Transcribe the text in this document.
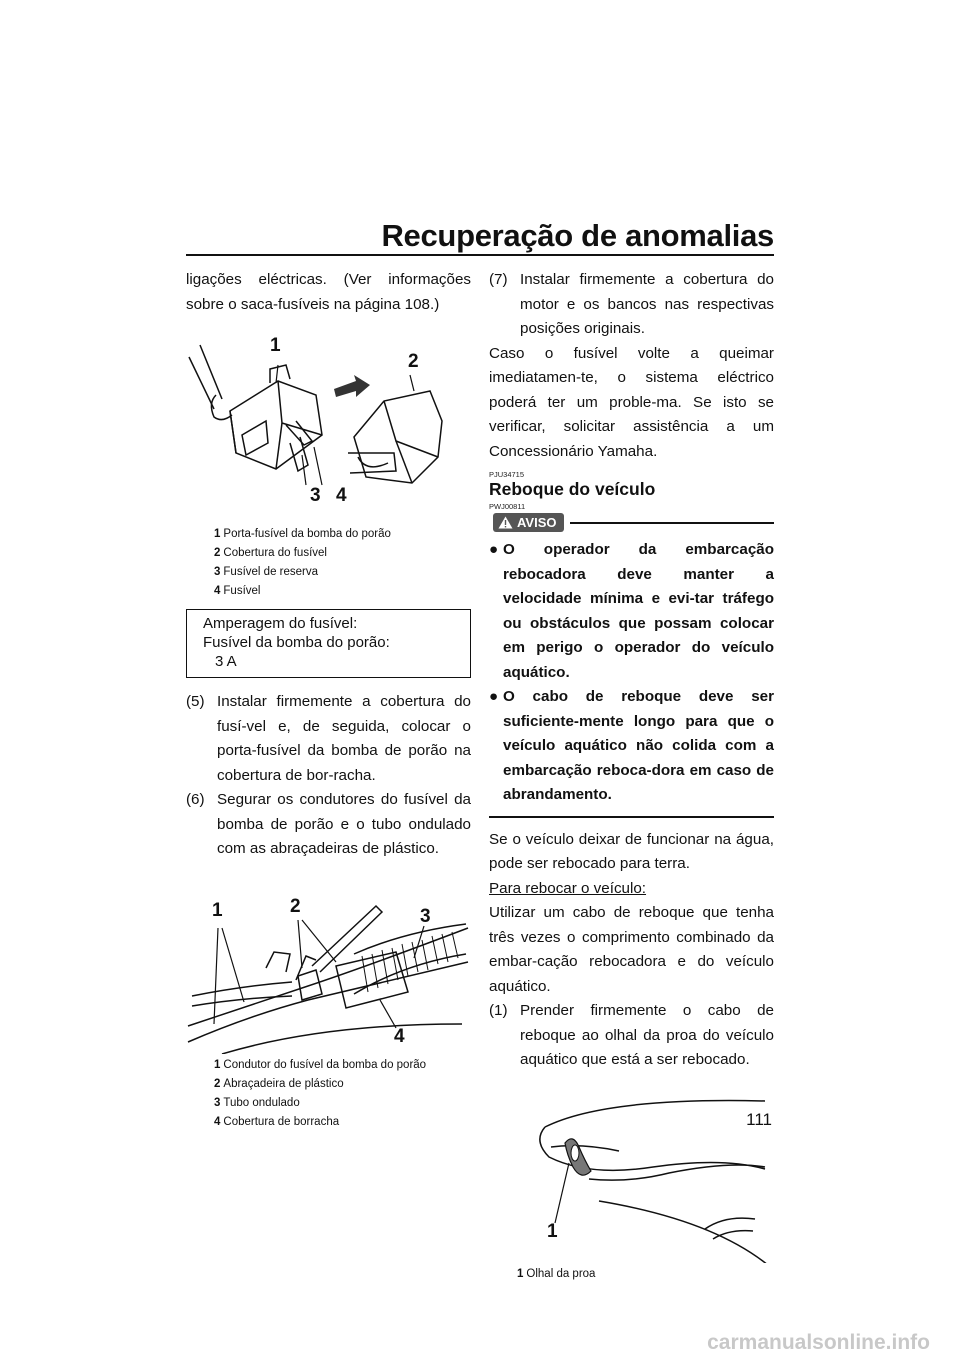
Recuperação de anomalias

ligações eléctricas. (Ver informações sobre o saca-fusíveis na página 108.)

1
2
3 4
1 Porta-fusível da bomba do porão
2 Cobertura do fusível
3 Fusível de reserva
4 Fusível
Amperagem do fusível:
Fusível da bomba do porão:
3 A
(5) Instalar firmemente a cobertura do fusí-vel e, de seguida, colocar o porta-fusível da bomba de porão na cobertura de bor-racha.
(6) Segurar os condutores do fusível da bomba de porão e o tubo ondulado com as abraçadeiras de plástico.
1	2	3
4
1 Condutor do fusível da bomba do porão
2 Abraçadeira de plástico
3 Tubo ondulado
4 Cobertura de borracha
(7) Instalar firmemente a cobertura do motor e os bancos nas respectivas posições originais.

Caso o fusível volte a queimar imediatamen-te, o sistema eléctrico poderá ter um proble-ma. Se isto se verificar, solicitar assistência a um Concessionário Yamaha.

PJU34715
Reboque do veículo
PWJ00811
AVISO
● O operador da embarcação rebocadora deve manter a velocidade mínima e evi-tar tráfego ou obstáculos que possam colocar em perigo o operador do veículo aquático.
● O cabo de reboque deve ser suficiente-mente longo para que o veículo aquático não colida com a embarcação reboca-dora em caso de abrandamento.

Se o veículo deixar de funcionar na água, pode ser rebocado para terra.

Para rebocar o veículo:

Utilizar um cabo de reboque que tenha três vezes o comprimento combinado da embar-cação rebocadora e do veículo aquático.

(1) Prender firmemente o cabo de reboque ao olhal da proa do veículo aquático que está a ser rebocado.
1
1 Olhal da proa
111
carmanualsonline.info
